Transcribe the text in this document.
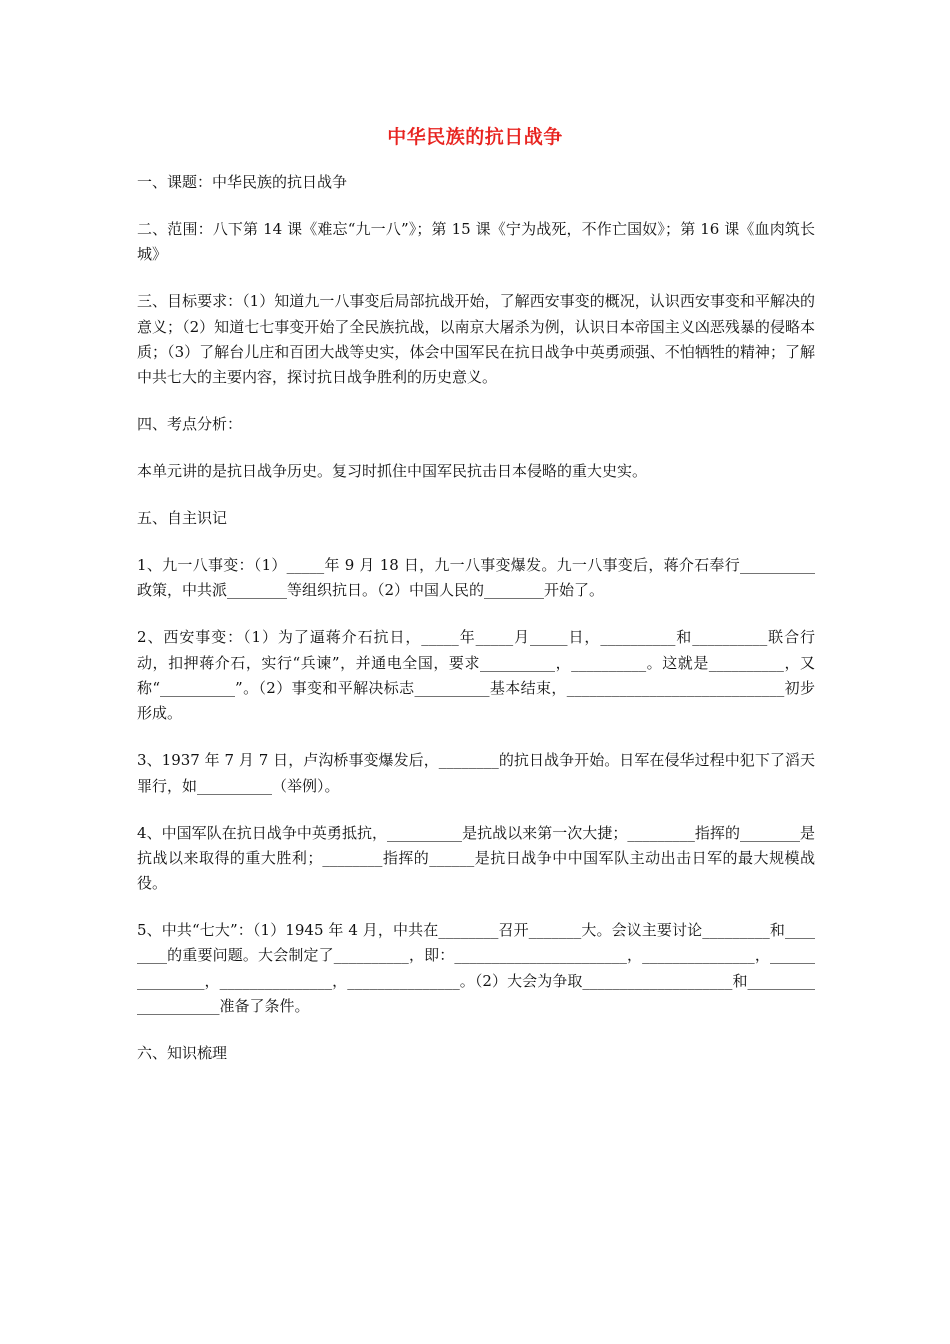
中华民族的抗日战争

一、课题：中华民族的抗日战争

二、范围：八下第 14 课《难忘“九一八”》；第 15 课《宁为战死，不作亡国奴》；第 16 课《血肉筑长城》

三、目标要求：（1）知道九一八事变后局部抗战开始，了解西安事变的概况，认识西安事变和平解决的意义；（2）知道七七事变开始了全民族抗战，以南京大屠杀为例，认识日本帝国主义凶恶残暴的侵略本质；（3）了解台儿庄和百团大战等史实，体会中国军民在抗日战争中英勇顽强、不怕牺牲的精神；了解中共七大的主要内容，探讨抗日战争胜利的历史意义。

四、考点分析：

本单元讲的是抗日战争历史。复习时抓住中国军民抗击日本侵略的重大史实。

五、自主识记

1、九一八事变：（1）_____年 9 月 18 日，九一八事变爆发。九一八事变后，蒋介石奉行__________政策，中共派________等组织抗日。（2）中国人民的________开始了。

2、西安事变：（1）为了逼蒋介石抗日，_____年_____月_____日，__________和__________联合行动，扣押蒋介石，实行“兵谏”，并通电全国，要求__________，__________。这就是__________，又称“__________”。（2）事变和平解决标志__________基本结束，_____________________________初步形成。

3、1937 年 7 月 7 日，卢沟桥事变爆发后，________的抗日战争开始。日军在侵华过程中犯下了滔天罪行，如__________（举例）。

4、中国军队在抗日战争中英勇抵抗，__________是抗战以来第一次大捷；_________指挥的________是抗战以来取得的重大胜利；________指挥的______是抗日战争中中国军队主动出击日军的最大规模战役。

5、中共“七大”：（1）1945 年 4 月，中共在________召开_______大。会议主要讨论_________和________的重要问题。大会制定了__________，即：_______________________，_______________，_______________，_______________，_______________。（2）大会为争取____________________和____________________准备了条件。

六、知识梳理
